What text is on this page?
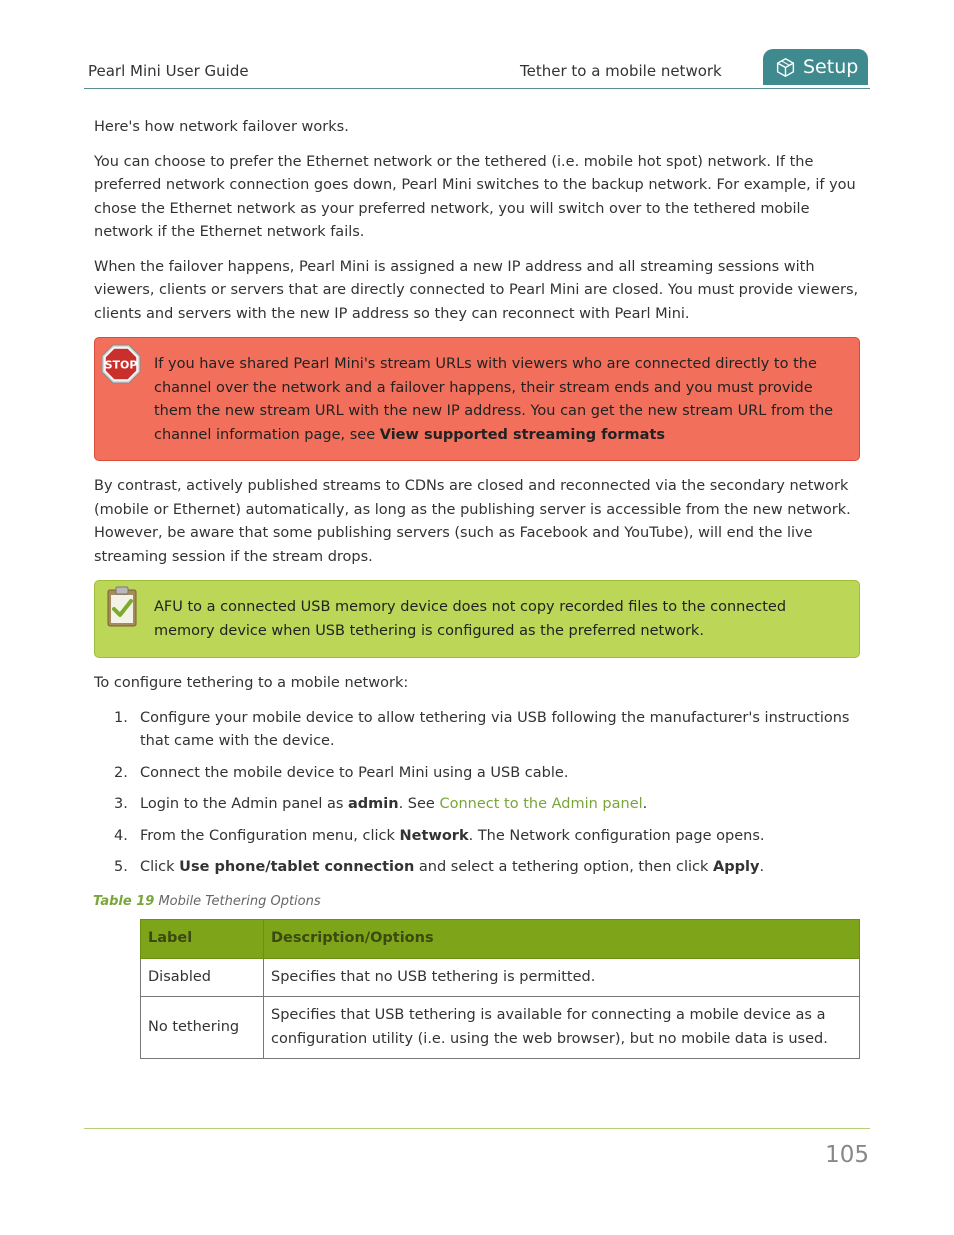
Pearl Mini User Guide	Tether to a mobile network	Setup

Here's how network failover works.

You can choose to prefer the Ethernet network or the tethered (i.e. mobile hot spot) network. If the preferred network connection goes down, Pearl Mini switches to the backup network. For example, if you chose the Ethernet network as your preferred network, you will switch over to the tethered mobile network if the Ethernet network fails.

When the failover happens, Pearl Mini is assigned a new IP address and all streaming sessions with viewers, clients or servers that are directly connected to Pearl Mini are closed. You must provide viewers, clients and servers with the new IP address so they can reconnect with Pearl Mini.

STOP If you have shared Pearl Mini's stream URLs with viewers who are connected directly to the channel over the network and a failover happens, their stream ends and you must provide them the new stream URL with the new IP address. You can get the new stream URL from the channel information page, see View supported streaming formats

By contrast, actively published streams to CDNs are closed and reconnected via the secondary network (mobile or Ethernet) automatically, as long as the publishing server is accessible from the new network. However, be aware that some publishing servers (such as Facebook and YouTube), will end the live streaming session if the stream drops.

AFU to a connected USB memory device does not copy recorded files to the connected memory device when USB tethering is configured as the preferred network.

To configure tethering to a mobile network:

1. Configure your mobile device to allow tethering via USB following the manufacturer's instructions that came with the device.
2. Connect the mobile device to Pearl Mini using a USB cable.
3. Login to the Admin panel as admin. See Connect to the Admin panel.
4. From the Configuration menu, click Network. The Network configuration page opens.
5. Click Use phone/tablet connection and select a tethering option, then click Apply.
Table 19 Mobile Tethering Options
Label	Description/Options
Disabled	Specifies that no USB tethering is permitted.
No tethering	Specifies that USB tethering is available for connecting a mobile device as a configuration utility (i.e. using the web browser), but no mobile data is used.
105
